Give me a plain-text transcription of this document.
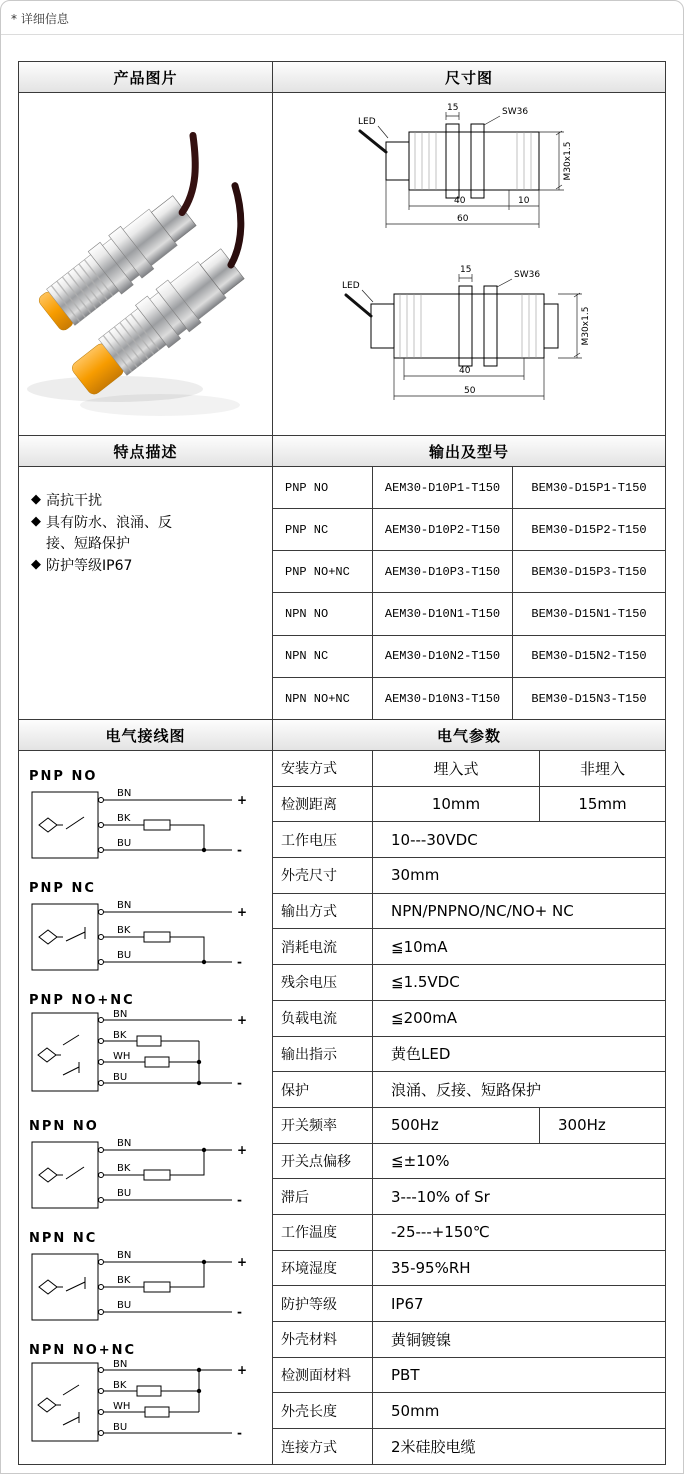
* 详细信息
产品图片	尺寸图
15	SW36
LED
M30x1.5
40	10
60
15	SW36
LED
M30x1.5
40
50
特点描述	输出及型号
◆ 高抗干扰
◆ 具有防水、浪涌、反接、短路保护
◆ 防护等级IP67
PNP NO	AEM30-D10P1-T150	BEM30-D15P1-T150
PNP NC	AEM30-D10P2-T150	BEM30-D15P2-T150
PNP NO+NC	AEM30-D10P3-T150	BEM30-D15P3-T150
NPN NO	AEM30-D10N1-T150	BEM30-D15N1-T150
NPN NC	AEM30-D10N2-T150	BEM30-D15N2-T150
NPN NO+NC	AEM30-D10N3-T150	BEM30-D15N3-T150
电气接线图	电气参数
PNP NO
BN
BK
BU
+
-
PNP NC
BN
BK
BU
+
-
PNP NO+NC
BN
BK
WH
BU
+
-
NPN NO
BN
BK
BU
+
-
NPN NC
BN
BK
BU
+
-
NPN NO+NC
BN
BK
WH
BU
+
-
安装方式	埋入式	非埋入
检测距离	10mm	15mm
工作电压	10---30VDC
外壳尺寸	30mm
输出方式	NPN/PNPNO/NC/NO+ NC
消耗电流	≦10mA
残余电压	≦1.5VDC
负载电流	≦200mA
输出指示	黄色LED
保护	浪涌、反接、短路保护
开关频率	500Hz	300Hz
开关点偏移	≦±10%
滞后	3---10% of Sr
工作温度	-25---+150℃
环境湿度	35-95%RH
防护等级	IP67
外壳材料	黄铜镀镍
检测面材料	PBT
外壳长度	50mm
连接方式	2米硅胶电缆
